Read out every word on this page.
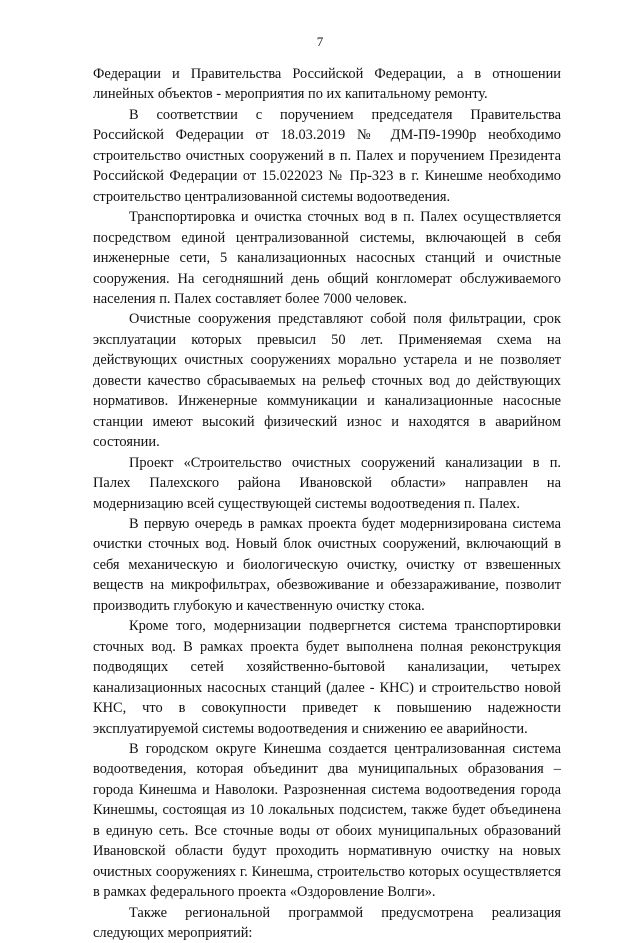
7

Федерации и Правительства Российской Федерации, а в отношении линейных объектов - мероприятия по их капитальному ремонту.

В соответствии с поручением председателя Правительства Российской Федерации от 18.03.2019 № ДМ-П9-1990р необходимо строительство очистных сооружений в п. Палех и поручением Президента Российской Федерации от 15.022023 № Пр-323 в г. Кинешме необходимо строительство централизованной системы водоотведения.

Транспортировка и очистка сточных вод в п. Палех осуществляется посредством единой централизованной системы, включающей в себя инженерные сети, 5 канализационных насосных станций и очистные сооружения. На сегодняшний день общий конгломерат обслуживаемого населения п. Палех составляет более 7000 человек.

Очистные сооружения представляют собой поля фильтрации, срок эксплуатации которых превысил 50 лет. Применяемая схема на действующих очистных сооружениях морально устарела и не позволяет довести качество сбрасываемых на рельеф сточных вод до действующих нормативов. Инженерные коммуникации и канализационные насосные станции имеют высокий физический износ и находятся в аварийном состоянии.

Проект «Строительство очистных сооружений канализации в п. Палех Палехского района Ивановской области» направлен на модернизацию всей существующей системы водоотведения п. Палех.

В первую очередь в рамках проекта будет модернизирована система очистки сточных вод. Новый блок очистных сооружений, включающий в себя механическую и биологическую очистку, очистку от взвешенных веществ на микрофильтрах, обезвоживание и обеззараживание, позволит производить глубокую и качественную очистку стока.

Кроме того, модернизации подвергнется система транспортировки сточных вод. В рамках проекта будет выполнена полная реконструкция подводящих сетей хозяйственно-бытовой канализации, четырех канализационных насосных станций (далее - КНС) и строительство новой КНС, что в совокупности приведет к повышению надежности эксплуатируемой системы водоотведения и снижению ее аварийности.

В городском округе Кинешма создается централизованная система водоотведения, которая объединит два муниципальных образования – города Кинешма и Наволоки. Разрозненная система водоотведения города Кинешмы, состоящая из 10 локальных подсистем, также будет объединена в единую сеть. Все сточные воды от обоих муниципальных образований Ивановской области будут проходить нормативную очистку на новых очистных сооружениях г. Кинешма, строительство которых осуществляется в рамках федерального проекта «Оздоровление Волги».

Также региональной программой предусмотрена реализация следующих мероприятий:
